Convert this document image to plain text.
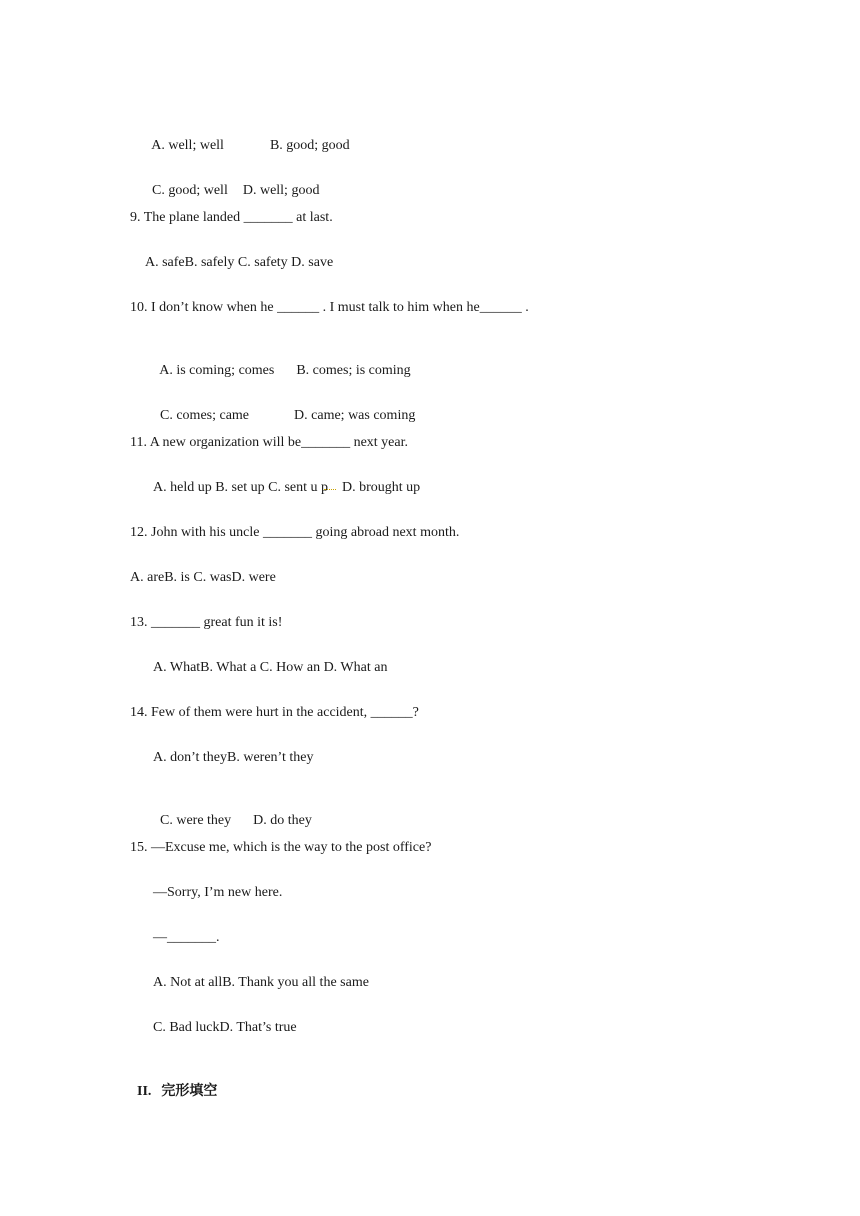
A. well; well	B. good; good

C. good; well D. well; good

9. The plane landed _______ at last.
A. safeB. safely C. safety D. save
10. I don’t know when he ______ . I must talk to him when he______ .

A. is coming; comes B. comes; is coming

C. comes; came	D. came; was coming

11. A new organization will be_______ next year.
A. held up B. set up C. sent u p    D. brought up
12. John with his uncle _______ going abroad next month.
A. areB. is C. wasD. were
13. _______ great fun it is!
A. WhatB. What a C. How an D. What an
14. Few of them were hurt in the accident, ______?
A. don’t theyB. weren’t they

C. were they D. do they

15. —Excuse me, which is the way to the post office?
—Sorry, I’m new here.
—_______.
A. Not at allB. Thank you all the same
C. Bad luckD. That’s true

II. 完形填空
